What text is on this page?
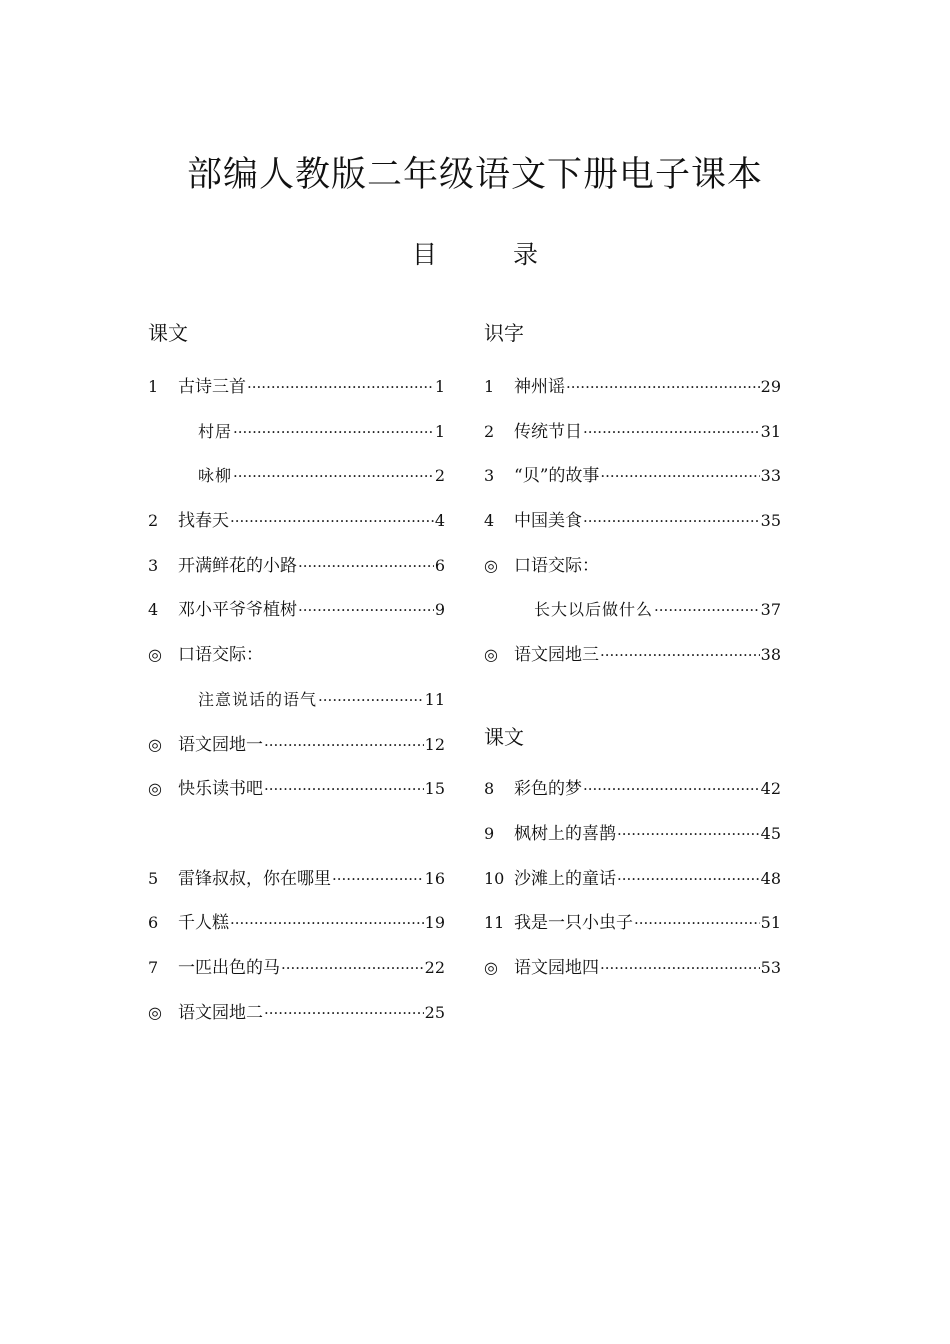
部编人教版二年级语文下册电子课本
目 录
课文
1	古诗三首 ·····	1
村居 ·····	1
咏柳 ·····	2
2	找春天 ·····	4
3	开满鲜花的小路 ·····	6
4	邓小平爷爷植树 ·····	9
◎ 口语交际：
注意说话的语气 ·····	11
◎ 语文园地一 ·····	12
◎ 快乐读书吧 ·····	15
5	雷锋叔叔，你在哪里 ·····	16
6	千人糕 ·····	19
7	一匹出色的马 ·····	22
◎ 语文园地二 ·····	25
识字
1	神州谣 ·····	29
2	传统节日 ·····	31
3	“贝”的故事 ·····	33
4	中国美食 ·····	35
◎ 口语交际：
长大以后做什么 ·····	37
◎ 语文园地三 ·····	38
课文
8	彩色的梦 ·····	42
9	枫树上的喜鹊 ·····	45
10 沙滩上的童话 ·····	48
11 我是一只小虫子 ·····	51
◎ 语文园地四 ·····	53
